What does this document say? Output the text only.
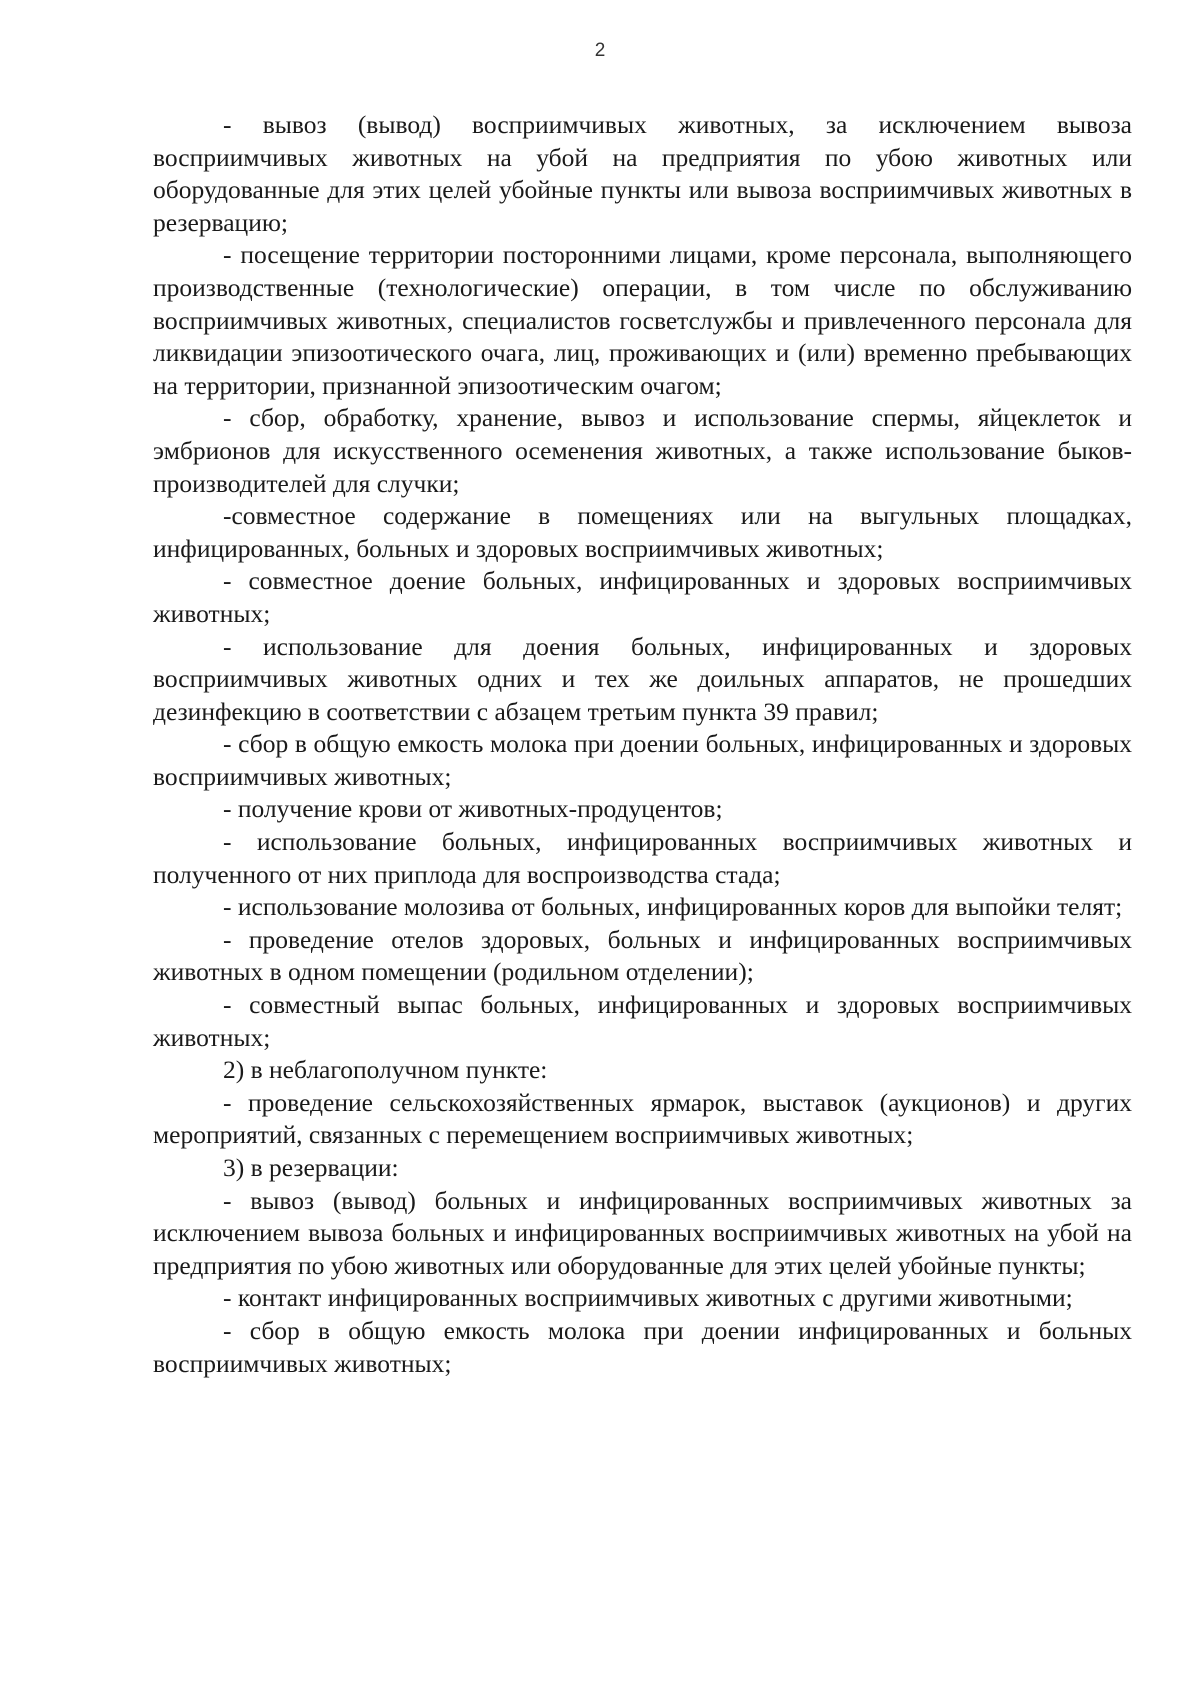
2

- вывоз (вывод) восприимчивых животных, за исключением вывоза восприимчивых животных на убой на предприятия по убою животных или оборудованные для этих целей убойные пункты или вывоза восприимчивых животных в резервацию;

- посещение территории посторонними лицами, кроме персонала, выполняющего производственные (технологические) операции, в том числе по обслуживанию восприимчивых животных, специалистов госветслужбы и привлеченного персонала для ликвидации эпизоотического очага, лиц, проживающих и (или) временно пребывающих на территории, признанной эпизоотическим очагом;

- сбор, обработку, хранение, вывоз и использование спермы, яйцеклеток и эмбрионов для искусственного осеменения животных, а также использование быков-производителей для случки;

-совместное содержание в помещениях или на выгульных площадках, инфицированных, больных и здоровых восприимчивых животных;

- совместное доение больных, инфицированных и здоровых восприимчивых животных;

- использование для доения больных, инфицированных и здоровых восприимчивых животных одних и тех же доильных аппаратов, не прошедших дезинфекцию в соответствии с абзацем третьим пункта 39 правил;

- сбор в общую емкость молока при доении больных, инфицированных и здоровых восприимчивых животных;

- получение крови от животных-продуцентов;

- использование больных, инфицированных восприимчивых животных и полученного от них приплода для воспроизводства стада;

- использование молозива от больных, инфицированных коров для выпойки телят;

- проведение отелов здоровых, больных и инфицированных восприимчивых животных в одном помещении (родильном отделении);

- совместный выпас больных, инфицированных и здоровых восприимчивых животных;

2) в неблагополучном пункте:

- проведение сельскохозяйственных ярмарок, выставок (аукционов) и других мероприятий, связанных с перемещением восприимчивых животных;

3) в резервации:

- вывоз (вывод) больных и инфицированных восприимчивых животных за исключением вывоза больных и инфицированных восприимчивых животных на убой на предприятия по убою животных или оборудованные для этих целей убойные пункты;

- контакт инфицированных восприимчивых животных с другими животными;

- сбор в общую емкость молока при доении инфицированных и больных восприимчивых животных;
